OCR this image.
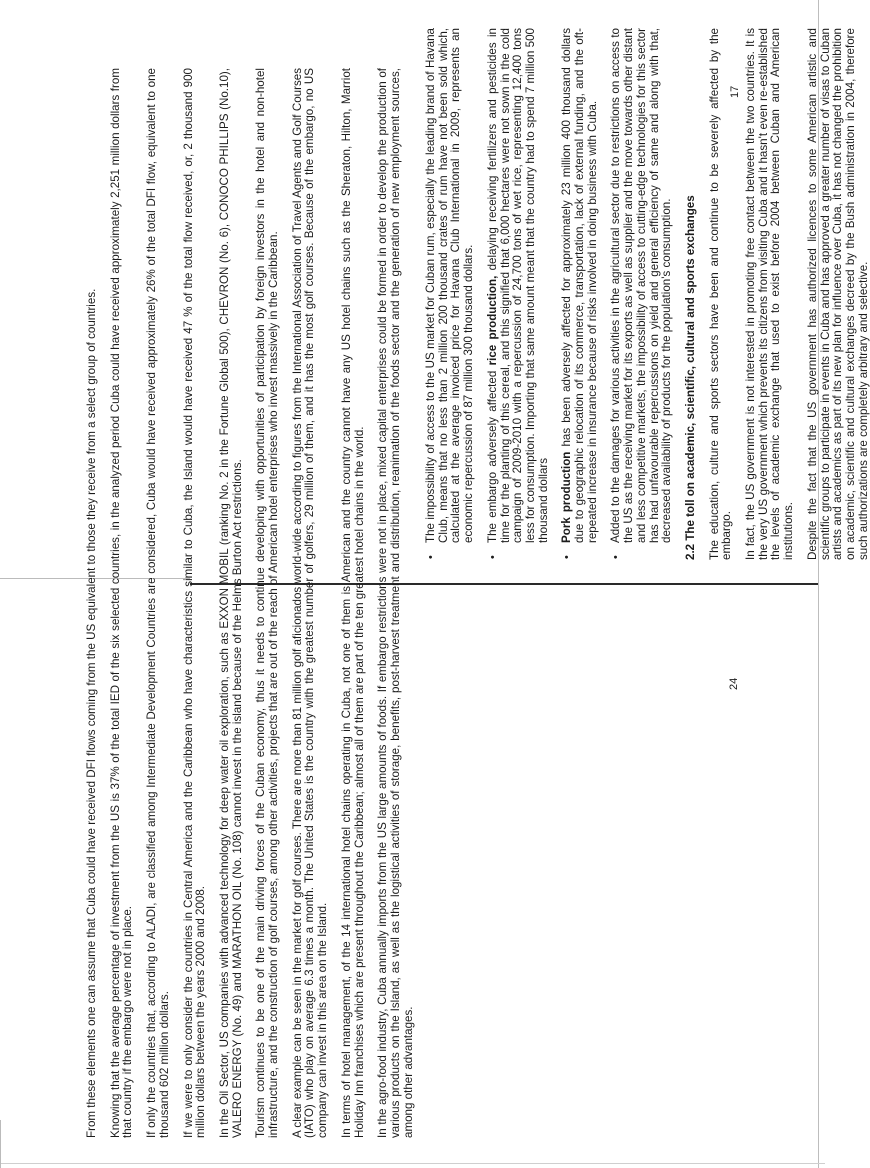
From these elements one can assume that Cuba could have received DFI flows coming from the US equivalent to those they receive from a select group of countries. Knowing that the average percentage of investment from the US is 37% of the total IED of the six selected countries, in the analyzed period Cuba could have received approximately 2,251 million dollars from that country if the embargo were not in place. If only the countries that, according to ALADI, are classified among Intermediate Development Countries are considered, Cuba would have received approximately 26% of the total DFI flow, equivalent to one thousand 602 million dollars. If we were to only consider the countries in Central America and the Caribbean who have characteristics similar to Cuba, the Island would have received 47 % of the total flow received, or, 2 thousand 900 million dollars between the years 2000 and 2008. In the Oil Sector, US companies with advanced technology for deep water oil exploration, such as EXXON MOBIL (ranking No. 2 in the Fortune Global 500), CHEVRON (No. 6), CONOCO PHILLIPS (No.10), VALERO ENERGY (No. 49) and MARATHON OIL (No. 108) cannot invest in the island because of the Helms Burton Act restrictions. Tourism continues to be one of the main driving forces of the Cuban economy, thus it needs to continue developing with opportunities of participation by foreign investors in the hotel and non-hotel infrastructure, and the construction of golf courses, among other activities, projects that are out of the reach of American hotel enterprises who invest massively in the Caribbean. A clear example can be seen in the market for golf courses. There are more than 81 million golf aficionados world-wide according to figures from the International Association of Travel Agents and Golf Courses (IATO) who play on average 6.3 times a month. The United States is the country with the greatest number of golfers, 29 million of them, and it has the most golf courses. Because of the embargo, no US company can invest in this area on the Island. In terms of hotel management, of the 14 international hotel chains operating in Cuba, not one of them is American and the country cannot have any US hotel chains such as the Sheraton, Hilton, Marriot Holiday Inn franchises which are present throughout the Caribbean; almost all of them are part of the ten greatest hotel chains in the world. In the agro-food industry, Cuba annually imports from the US large amounts of foods. If embargo restrictions were not in place, mixed capital enterprises could be formed in order to develop the production of various products on the Island, as well as the logistical activities of storage, benefits, post-harvest treatment and distribution, reanimation of the foods sector and the generation of new employment sources, among other advantages.

24
•
The impossibility of access to the US market for Cuban rum, especially the leading brand of Havana Club, means that no less than 2 million 200 thousand crates of rum have not been sold which, calculated at the average invoiced price for Havana Club International in 2009, represents an economic repercussion of 87 million 300 thousand dollars.
•
The embargo adversely affected rice production, delaying receiving fertilizers and pesticides in time for the planting of this cereal, and this signified that 6,000 hectares were not sown in the cold campaign of 2009-2010 with a repercussion of 24,700 tons of wet rice, representing 12,400 tons less for consumption. Importing that same amount meant that the country had to spend 7 million 500 thousand dollars
•
Pork production has been adversely affected for approximately 23 million 400 thousand dollars due to geographic relocation of its commerce, transportation, lack of external funding, and the oft-repeated increase in insurance because of risks involved in doing business with Cuba.
•
Added to the damages for various activities in the agricultural sector due to restrictions on access to the US as the receiving market for its exports as well as supplier and the move towards other distant and less competitive markets, the impossibility of access to cutting-edge technologies for this sector has had unfavourable repercussions on yield and general efficiency of same and along with that, decreased availability of products for the population's consumption. 2.2 The toll on academic, scientific, cultural and sports exchanges The education, culture and sports sectors have been and continue to be severely affected by the embargo. In fact, the US government is not interested in promoting free contact between the two countries. It is the very US government which prevents its citizens from visiting Cuba and it hasn't even re-established the levels of academic exchange that used to exist before 2004 between Cuban and American institutions. Despite the fact that the US government has authorized licences to some American artistic and scientific groups to participate in events in Cuba and has approved a greater number of visas to Cuban artists and academics as part of its new plan for influence over Cuba, it has not changed the prohibition on academic, scientific and cultural exchanges decreed by the Bush administration in 2004, therefore such authorizations are completely arbitrary and selective.

17
